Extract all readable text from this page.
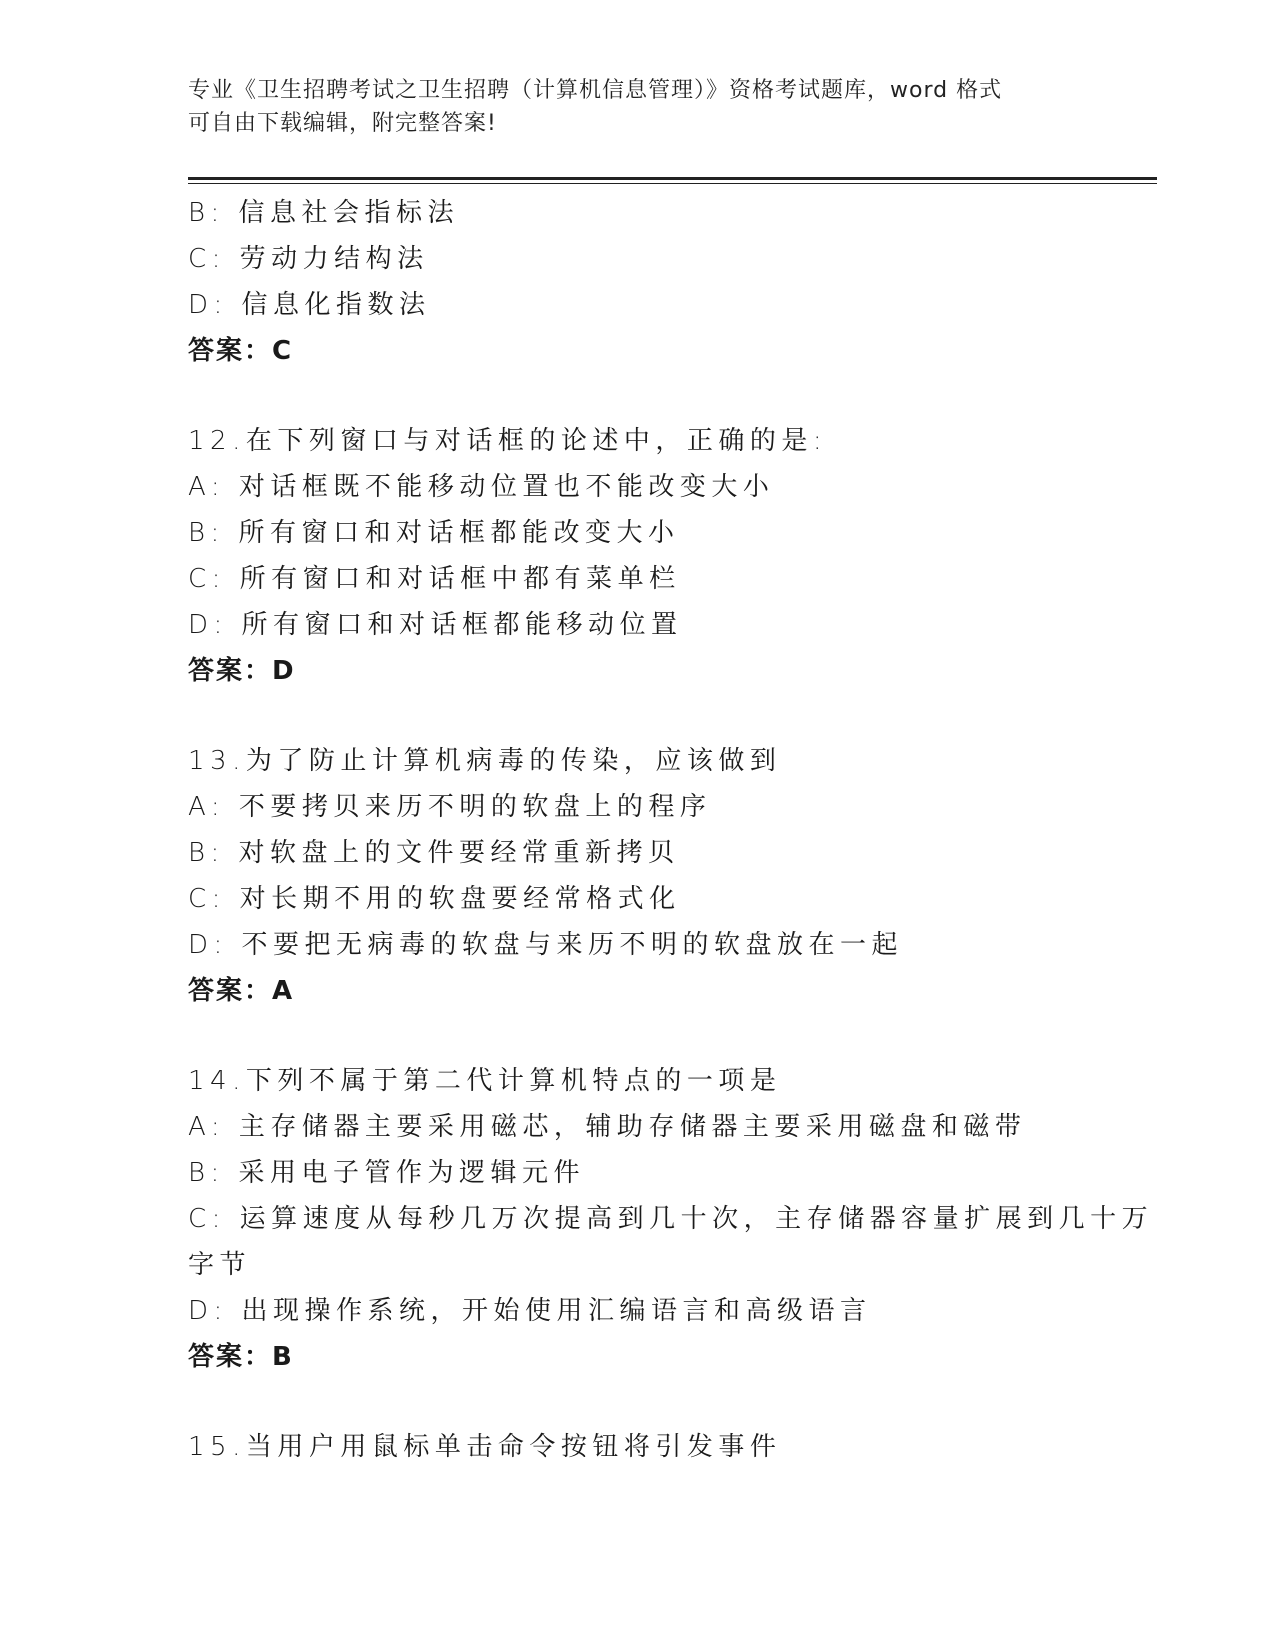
专业《卫生招聘考试之卫生招聘（计算机信息管理）》资格考试题库，word 格式
可自由下载编辑，附完整答案!
B: 信息社会指标法
C: 劳动力结构法
D: 信息化指数法
答案：C
12.在下列窗口与对话框的论述中，正确的是:
A: 对话框既不能移动位置也不能改变大小
B: 所有窗口和对话框都能改变大小
C: 所有窗口和对话框中都有菜单栏
D: 所有窗口和对话框都能移动位置
答案：D
13.为了防止计算机病毒的传染，应该做到
A: 不要拷贝来历不明的软盘上的程序
B: 对软盘上的文件要经常重新拷贝
C: 对长期不用的软盘要经常格式化
D: 不要把无病毒的软盘与来历不明的软盘放在一起
答案：A
14.下列不属于第二代计算机特点的一项是
A: 主存储器主要采用磁芯，辅助存储器主要采用磁盘和磁带
B: 采用电子管作为逻辑元件
C: 运算速度从每秒几万次提高到几十次，主存储器容量扩展到几十万
字节
D: 出现操作系统，开始使用汇编语言和高级语言
答案：B
15.当用户用鼠标单击命令按钮将引发事件
